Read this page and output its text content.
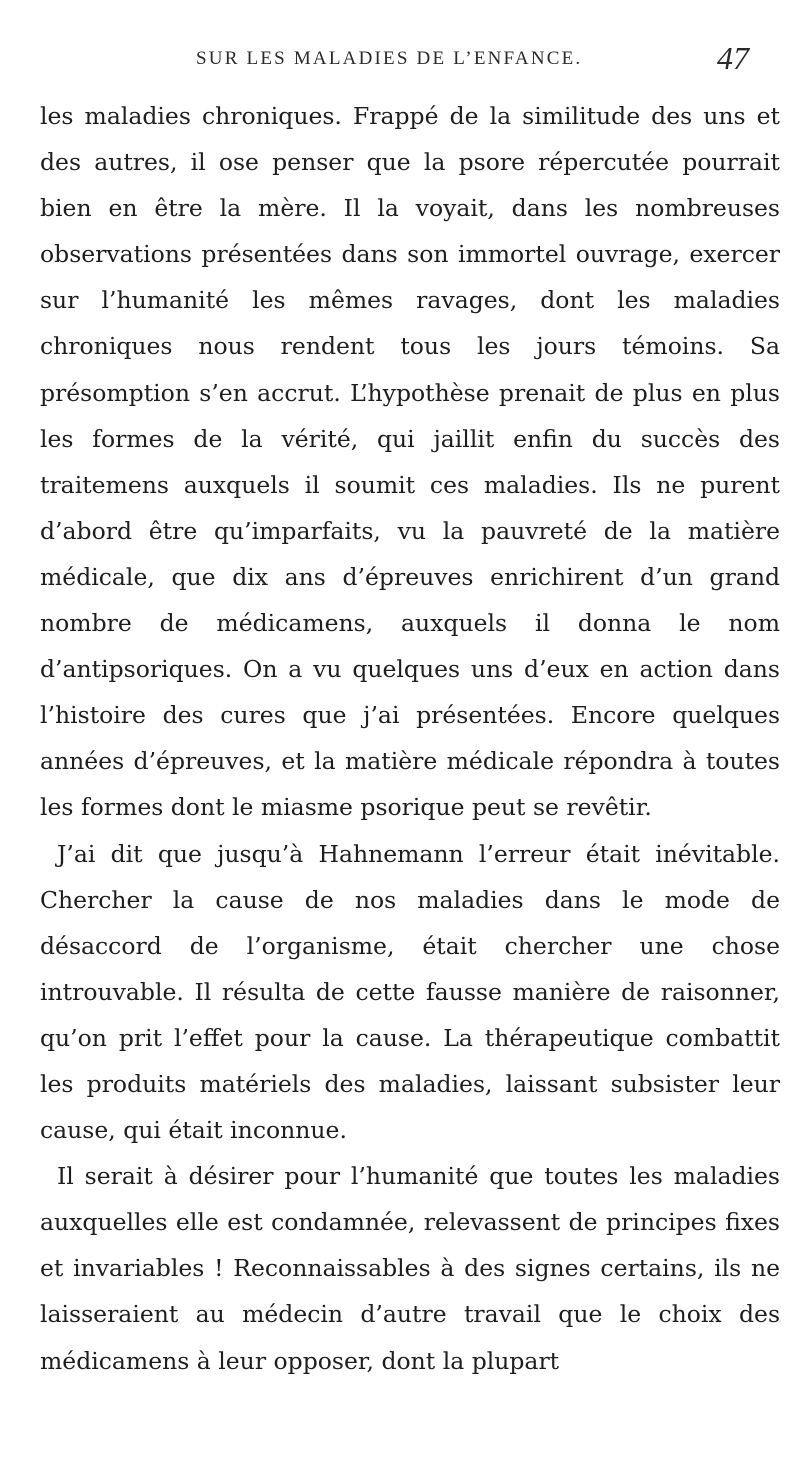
SUR LES MALADIES DE L’ENFANCE.	47

les maladies chroniques. Frappé de la similitude des uns et des autres, il ose penser que la psore répercutée pourrait bien en être la mère. Il la voyait, dans les nombreuses observations présentées dans son immortel ouvrage, exercer sur l’humanité les mêmes ravages, dont les maladies chroniques nous rendent tous les jours témoins. Sa présomption s’en accrut. L’hypothèse prenait de plus en plus les formes de la vérité, qui jaillit enfin du succès des traitemens auxquels il soumit ces maladies. Ils ne purent d’abord être qu’imparfaits, vu la pauvreté de la matière médicale, que dix ans d’épreuves enrichirent d’un grand nombre de médicamens, auxquels il donna le nom d’antipsoriques. On a vu quelques uns d’eux en action dans l’histoire des cures que j’ai présentées. Encore quelques années d’épreuves, et la matière médicale répondra à toutes les formes dont le miasme psorique peut se revêtir.

J’ai dit que jusqu’à Hahnemann l’erreur était inévitable. Chercher la cause de nos maladies dans le mode de désaccord de l’organisme, était chercher une chose introuvable. Il résulta de cette fausse manière de raisonner, qu’on prit l’effet pour la cause. La thérapeutique combattit les produits matériels des maladies, laissant subsister leur cause, qui était inconnue.

Il serait à désirer pour l’humanité que toutes les maladies auxquelles elle est condamnée, relevassent de principes fixes et invariables ! Reconnaissables à des signes certains, ils ne laisseraient au médecin d’autre travail que le choix des médicamens à leur opposer, dont la plupart
